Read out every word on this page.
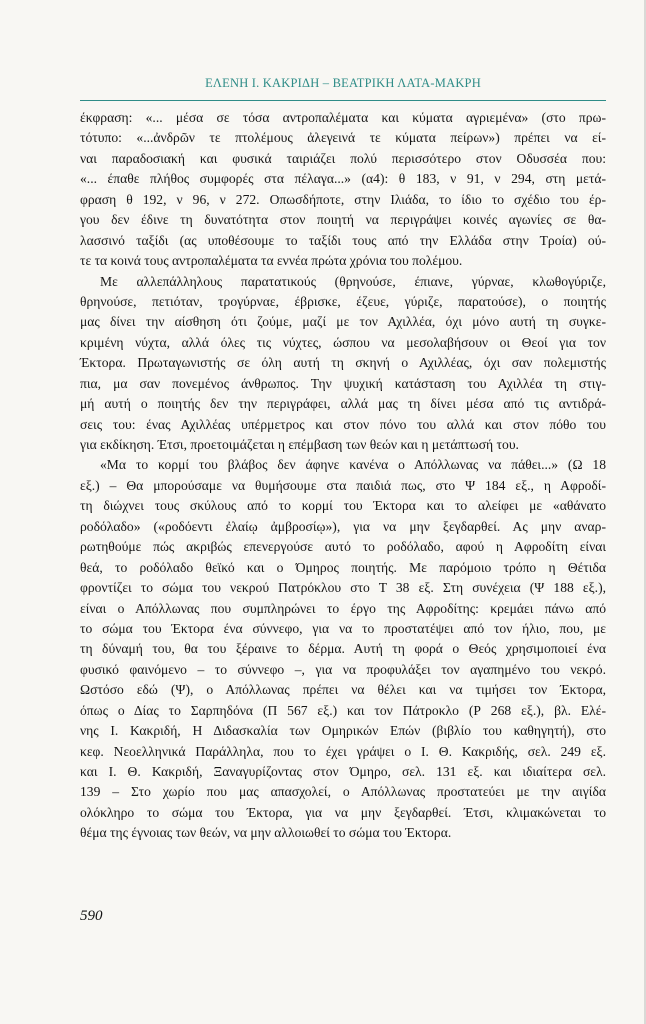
ΕΛΕΝΗ Ι. ΚΑΚΡΙΔΗ – ΒΕΑΤΡΙΚΗ ΛΑΤΑ-ΜΑΚΡΗ
έκφραση: «... μέσα σε τόσα αντροπαλέματα και κύματα αγριεμένα» (στο πρω-
τότυπο: «...ἀνδρῶν τε πτολέμους ἀλεγεινά τε κύματα πείρων») πρέπει να εί-
ναι παραδοσιακή και φυσικά ταιριάζει πολύ περισσότερο στον Οδυσσέα που:
«... έπαθε πλήθος συμφορές στα πέλαγα...» (α4): θ 183, ν 91, ν 294, στη μετά-
φραση θ 192, ν 96, ν 272. Οπωσδήποτε, στην Ιλιάδα, το ίδιο το σχέδιο του έρ-
γου δεν έδινε τη δυνατότητα στον ποιητή να περιγράψει κοινές αγωνίες σε θα-
λασσινό ταξίδι (ας υποθέσουμε το ταξίδι τους από την Ελλάδα στην Τροία) ού-
τε τα κοινά τους αντροπαλέματα τα εννέα πρώτα χρόνια του πολέμου.
Με αλλεπάλληλους παρατατικούς (θρηνούσε, έπιανε, γύρναε, κλωθογύριζε,
θρηνούσε, πετιόταν, τρογύρναε, έβρισκε, έζευε, γύριζε, παρατούσε), ο ποιητής
μας δίνει την αίσθηση ότι ζούμε, μαζί με τον Αχιλλέα, όχι μόνο αυτή τη συγκε-
κριμένη νύχτα, αλλά όλες τις νύχτες, ώσπου να μεσολαβήσουν οι Θεοί για τον
Έκτορα. Πρωταγωνιστής σε όλη αυτή τη σκηνή ο Αχιλλέας, όχι σαν πολεμιστής
πια, μα σαν πονεμένος άνθρωπος. Την ψυχική κατάσταση του Αχιλλέα τη στιγ-
μή αυτή ο ποιητής δεν την περιγράφει, αλλά μας τη δίνει μέσα από τις αντιδρά-
σεις του: ένας Αχιλλέας υπέρμετρος και στον πόνο του αλλά και στον πόθο του
για εκδίκηση. Έτσι, προετοιμάζεται η επέμβαση των θεών και η μετάπτωσή του.
«Μα το κορμί του βλάβος δεν άφηνε κανένα ο Απόλλωνας να πάθει...» (Ω 18
εξ.) – Θα μπορούσαμε να θυμήσουμε στα παιδιά πως, στο Ψ 184 εξ., η Αφροδί-
τη διώχνει τους σκύλους από το κορμί του Έκτορα και το αλείφει με «αθάνατο
ροδόλαδο» («ροδόεντι ἐλαίῳ ἀμβροσίῳ»), για να μην ξεγδαρθεί. Ας μην αναρ-
ρωτηθούμε πώς ακριβώς επενεργούσε αυτό το ροδόλαδο, αφού η Αφροδίτη είναι
θεά, το ροδόλαδο θεϊκό και ο Όμηρος ποιητής. Με παρόμοιο τρόπο η Θέτιδα
φροντίζει το σώμα του νεκρού Πατρόκλου στο Τ 38 εξ. Στη συνέχεια (Ψ 188 εξ.),
είναι ο Απόλλωνας που συμπληρώνει το έργο της Αφροδίτης: κρεμάει πάνω από
το σώμα του Έκτορα ένα σύννεφο, για να το προστατέψει από τον ήλιο, που, με
τη δύναμή του, θα του ξέραινε το δέρμα. Αυτή τη φορά ο Θεός χρησιμοποιεί ένα
φυσικό φαινόμενο – το σύννεφο –, για να προφυλάξει τον αγαπημένο του νεκρό.
Ωστόσο εδώ (Ψ), ο Απόλλωνας πρέπει να θέλει και να τιμήσει τον Έκτορα,
όπως ο Δίας το Σαρπηδόνα (Π 567 εξ.) και τον Πάτροκλο (Ρ 268 εξ.), βλ. Ελέ-
νης Ι. Κακριδή, Η Διδασκαλία των Ομηρικών Επών (βιβλίο του καθηγητή), στο
κεφ. Νεοελληνικά Παράλληλα, που το έχει γράψει ο Ι. Θ. Κακριδής, σελ. 249 εξ.
και Ι. Θ. Κακριδή, Ξαναγυρίζοντας στον Όμηρο, σελ. 131 εξ. και ιδιαίτερα σελ.
139 – Στο χωρίο που μας απασχολεί, ο Απόλλωνας προστατεύει με την αιγίδα
ολόκληρο το σώμα του Έκτορα, για να μην ξεγδαρθεί. Έτσι, κλιμακώνεται το
θέμα της έγνοιας των θεών, να μην αλλοιωθεί το σώμα του Έκτορα.
590
